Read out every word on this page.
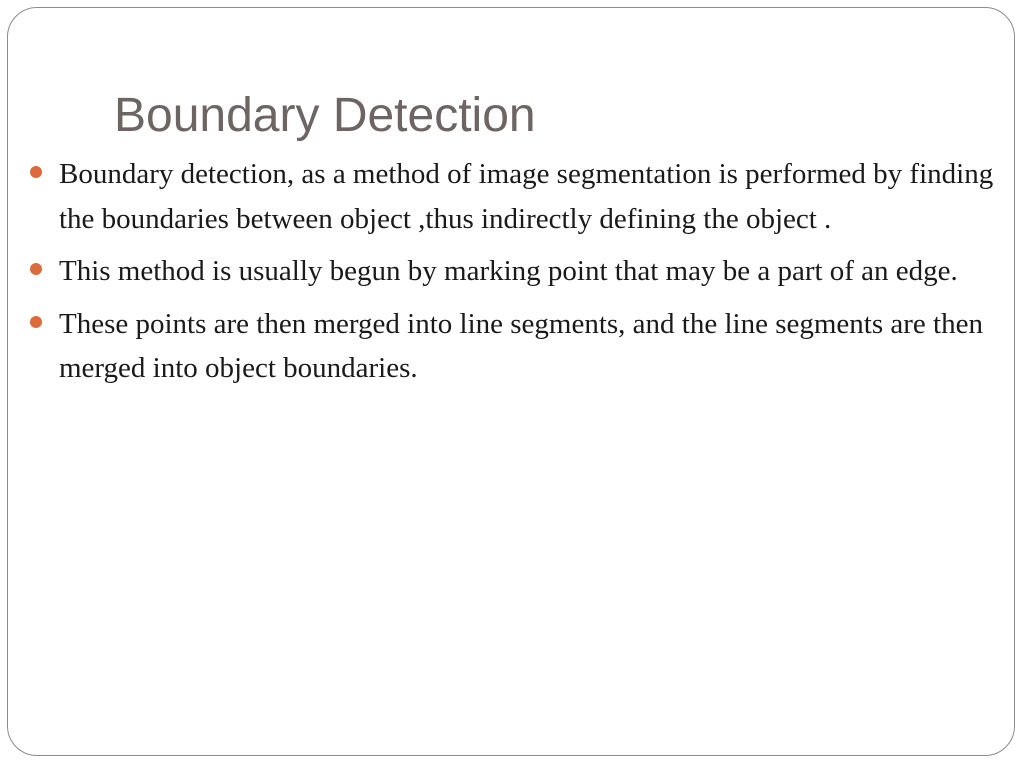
Boundary Detection
Boundary detection, as a method of image segmentation is performed by finding the boundaries between object ,thus indirectly defining the object .
This method is usually begun by marking point that may be a part of an edge.
These points are then merged into line segments, and the line segments are then merged into object boundaries.
